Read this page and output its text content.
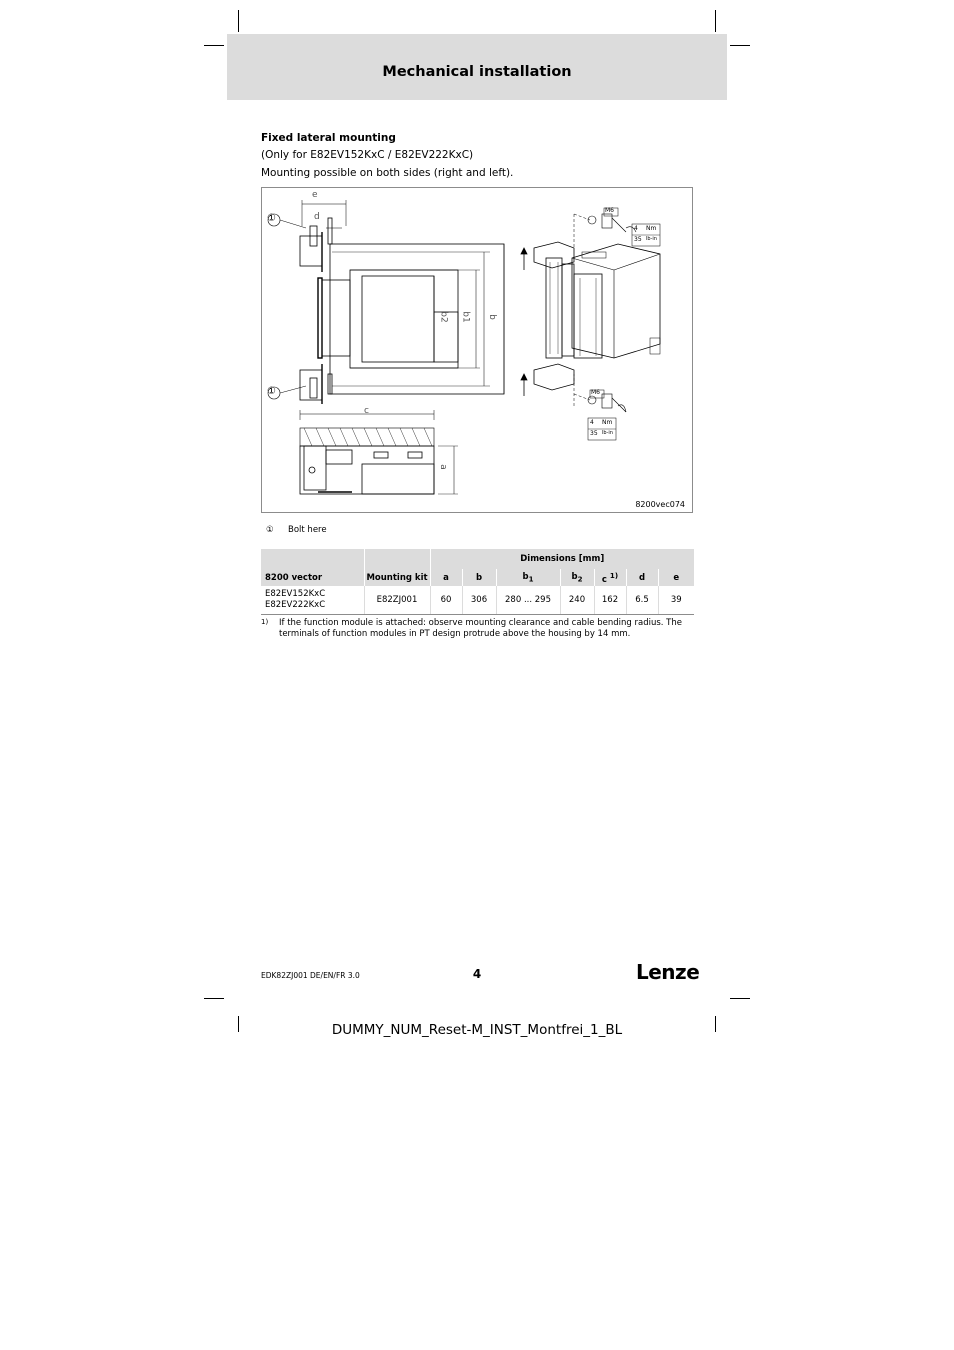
Mechanical installation
Fixed lateral mounting
(Only for E82EV152KxC / E82EV222KxC)
Mounting possible on both sides (right and left).
e
d
①
①
b2 b1 b
c
a
M6
4 Nm
35 lb-in
M6
4 Nm
35 lb-in
8200vec074
① Bolt here
		Dimensions [mm]						
8200 vector	Mounting kit	a	b	$b_1$	$b_2$	c $^{1)}$	d	e

E82EV152KxC
E82EV222KxC	E82ZJ001	60	306	280 ... 295	240	162	6.5	39
1) If the function module is attached: observe mounting clearance and cable bending radius. The terminals of function modules in PT design protrude above the housing by 14 mm.
EDK82ZJ001 DE/EN/FR 3.0	4	Lenze
DUMMY_NUM_Reset-M_INST_Montfrei_1_BL
